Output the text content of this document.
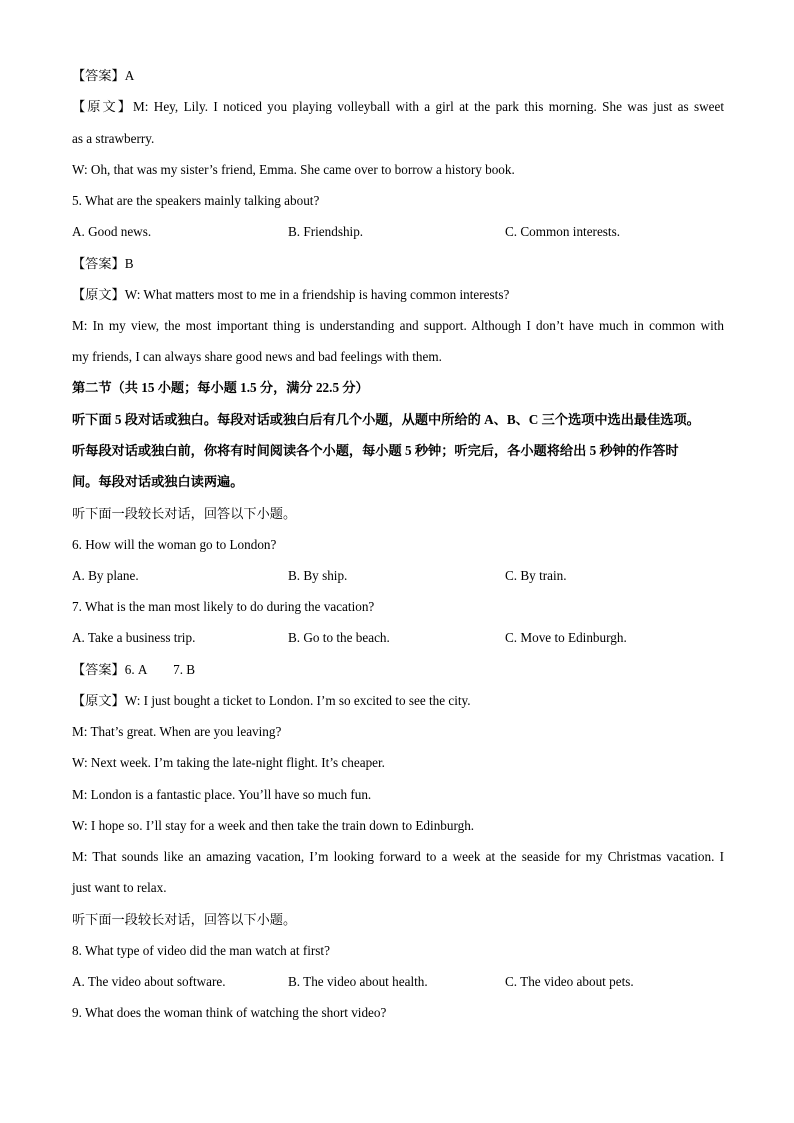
【答案】A
【原文】M: Hey, Lily. I noticed you playing volleyball with a girl at the park this morning. She was just as sweet
as a strawberry.
W: Oh, that was my sister’s friend, Emma. She came over to borrow a history book.
5. What are the speakers mainly talking about?
A. Good news.	B. Friendship.	C. Common interests.
【答案】B
【原文】W: What matters most to me in a friendship is having common interests?
M: In my view, the most important thing is understanding and support. Although I don’t have much in common with
my friends, I can always share good news and bad feelings with them.
第二节（共 15 小题；每小题 1.5 分，满分 22.5 分）
听下面 5 段对话或独白。每段对话或独白后有几个小题，从题中所给的 A、B、C 三个选项中选出最佳选项。
听每段对话或独白前，你将有时间阅读各个小题，每小题 5 秒钟；听完后，各小题将给出 5 秒钟的作答时
间。每段对话或独白读两遍。
听下面一段较长对话，回答以下小题。
6. How will the woman go to London?
A. By plane.	B. By ship.	C. By train.
7. What is the man most likely to do during the vacation?
A. Take a business trip.	B. Go to the beach.	C. Move to Edinburgh.
【答案】6. A        7. B
【原文】W: I just bought a ticket to London. I’m so excited to see the city.
M: That’s great. When are you leaving?
W: Next week. I’m taking the late-night flight. It’s cheaper.
M: London is a fantastic place. You’ll have so much fun.
W: I hope so. I’ll stay for a week and then take the train down to Edinburgh.
M: That sounds like an amazing vacation, I’m looking forward to a week at the seaside for my Christmas vacation. I
just want to relax.
听下面一段较长对话，回答以下小题。
8. What type of video did the man watch at first?
A. The video about software.	B. The video about health.	C. The video about pets.
9. What does the woman think of watching the short video?
